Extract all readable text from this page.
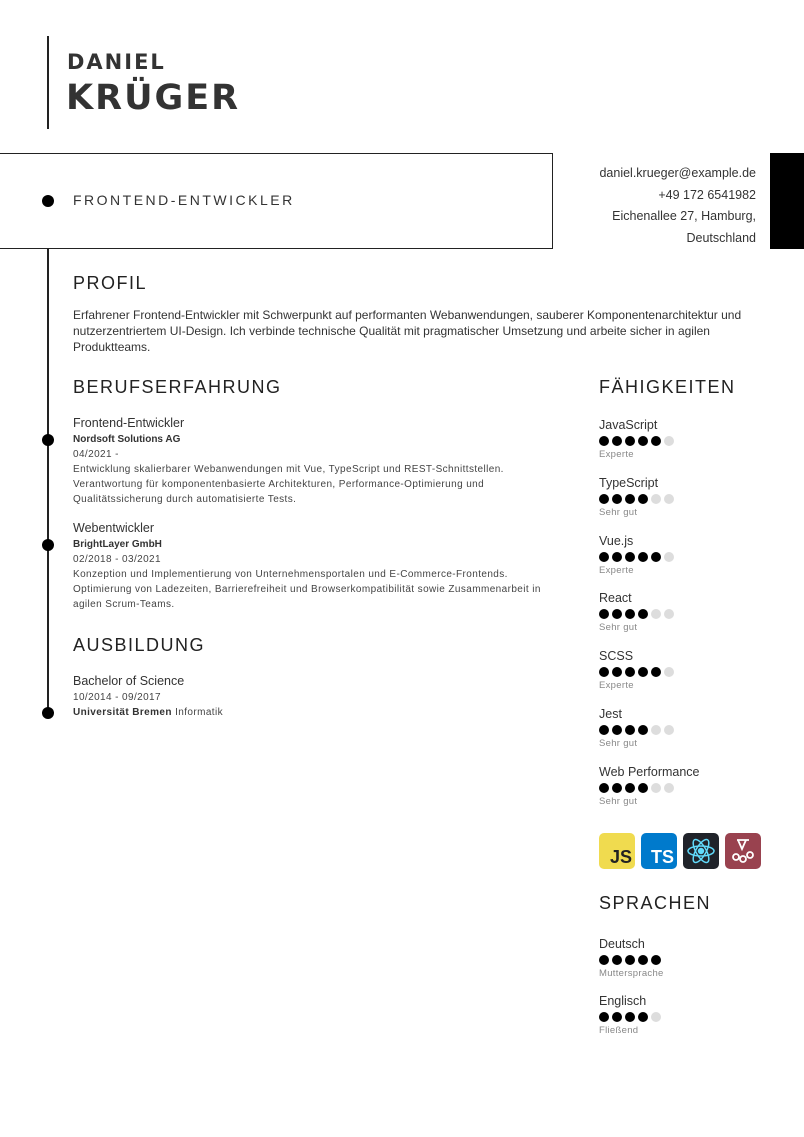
DANIEL
KRÜGER
FRONTEND-ENTWICKLER
daniel.krueger@example.de
+49 172 6541982
Eichenallee 27, Hamburg,
Deutschland
PROFIL
Erfahrener Frontend-Entwickler mit Schwerpunkt auf performanten Webanwendungen, sauberer Komponentenarchitektur und nutzerzentriertem UI-Design. Ich verbinde technische Qualität mit pragmatischer Umsetzung und arbeite sicher in agilen Produktteams.
BERUFSERFAHRUNG
Frontend-Entwickler
Nordsoft Solutions AG
04/2021 -
Entwicklung skalierbarer Webanwendungen mit Vue, TypeScript und REST-Schnittstellen. Verantwortung für komponentenbasierte Architekturen, Performance-Optimierung und Qualitätssicherung durch automatisierte Tests.
Webentwickler
BrightLayer GmbH
02/2018 - 03/2021
Konzeption und Implementierung von Unternehmensportalen und E-Commerce-Frontends. Optimierung von Ladezeiten, Barrierefreiheit und Browserkompatibilität sowie Zusammenarbeit in agilen Scrum-Teams.
AUSBILDUNG
Bachelor of Science
10/2014 - 09/2017
Universität Bremen Informatik
FÄHIGKEITEN
JavaScript
Experte
TypeScript
Sehr gut
Vue.js
Experte
React
Sehr gut
SCSS
Experte
Jest
Sehr gut
Web Performance
Sehr gut
JS	TS
SPRACHEN
Deutsch
Muttersprache
Englisch
Fließend
